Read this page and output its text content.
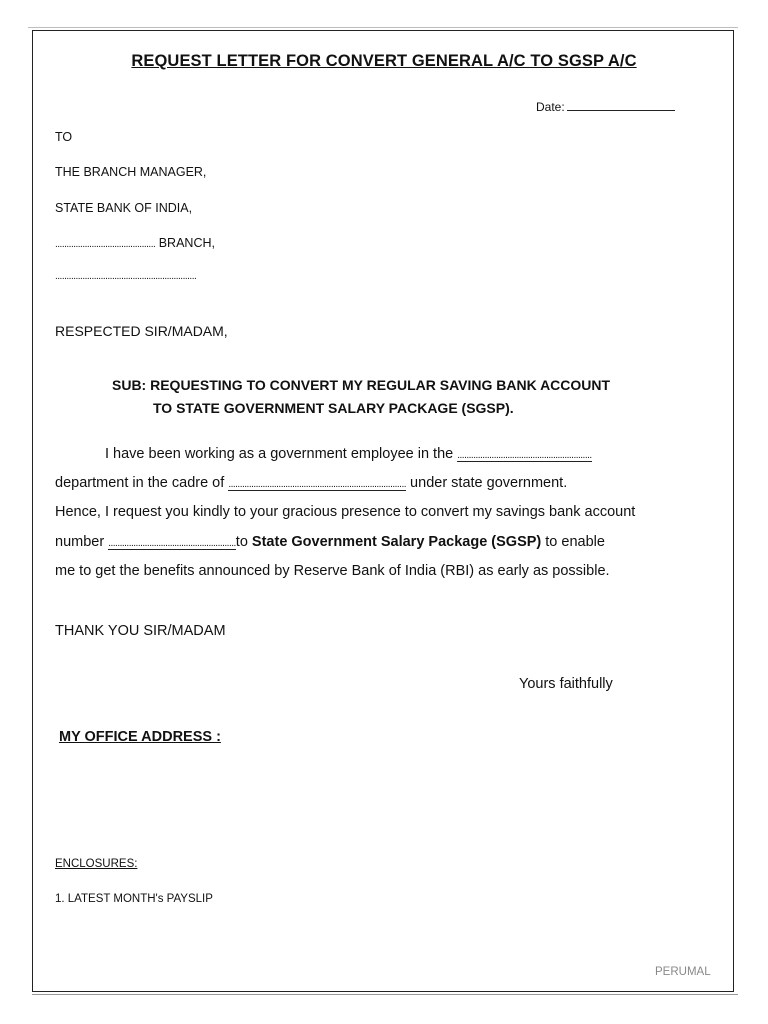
REQUEST LETTER FOR CONVERT GENERAL A/C TO SGSP A/C
Date:
TO
THE BRANCH MANAGER,
STATE BANK OF INDIA,
............................................ BRANCH,
..............................................................
RESPECTED SIR/MADAM,
SUB: REQUESTING TO CONVERT MY REGULAR SAVING BANK ACCOUNT
TO STATE GOVERNMENT SALARY PACKAGE (SGSP).
I have been working as a government employee in the ...........................................................
department in the cadre of .............................................................................. under state government.
Hence, I request you kindly to your gracious presence to convert my savings bank account
number ........................................................to State Government Salary Package (SGSP) to enable
me to get the benefits announced by Reserve Bank of India (RBI) as early as possible.
THANK YOU SIR/MADAM
Yours faithfully
MY OFFICE ADDRESS :
ENCLOSURES:
1. LATEST MONTH's PAYSLIP
PERUMAL
